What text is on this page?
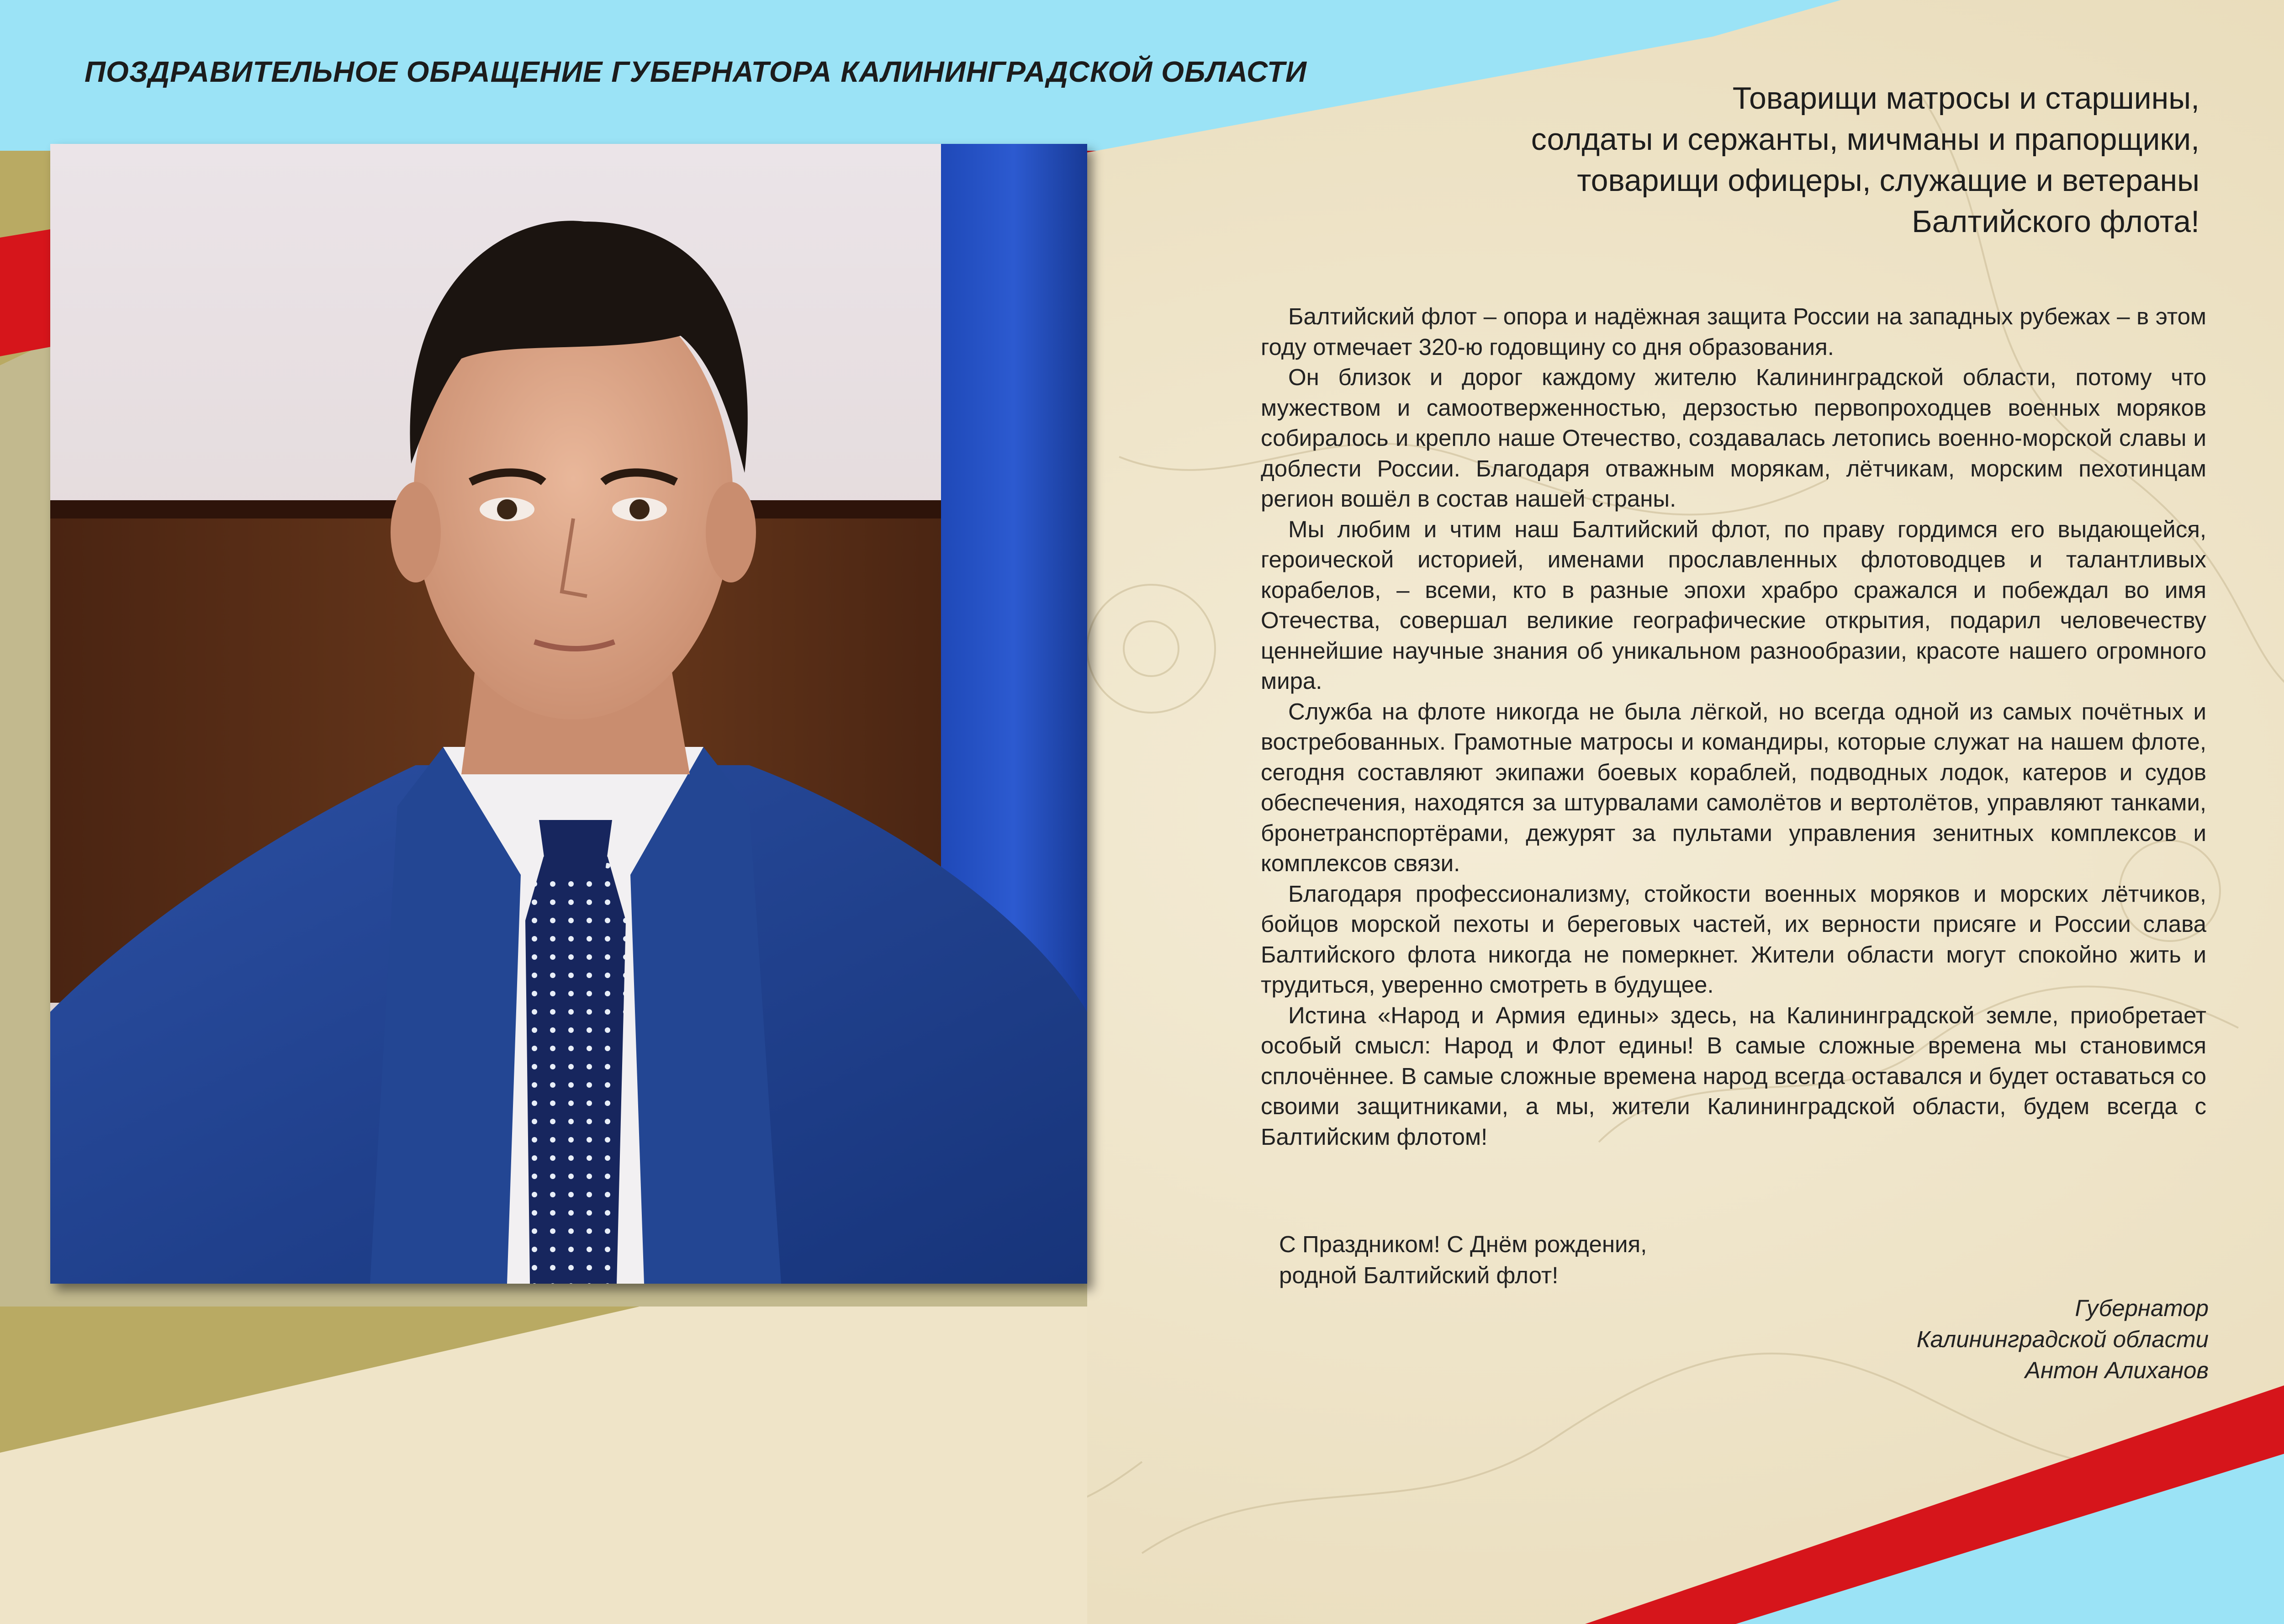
ПОЗДРАВИТЕЛЬНОЕ ОБРАЩЕНИЕ ГУБЕРНАТОРА КАЛИНИНГРАДСКОЙ ОБЛАСТИ
Товарищи матросы и старшины,
солдаты и сержанты, мичманы и прапорщики,
товарищи офицеры, служащие и ветераны
Балтийского флота!

Балтийский флот – опора и надёжная защита России на западных рубежах – в этом году отмечает 320-ю годовщину со дня образования.

Он близок и дорог каждому жителю Калининградской области, потому что мужеством и самоотверженностью, дерзостью первопроходцев военных моряков собиралось и крепло наше Отечество, создавалась летопись военно-морской славы и доблести России. Благодаря отважным морякам, лётчикам, морским пехотинцам регион вошёл в состав нашей страны.

Мы любим и чтим наш Балтийский флот, по праву гордимся его выдающейся, героической историей, именами прославленных флотоводцев и талантливых корабелов, – всеми, кто в разные эпохи храбро сражался и побеждал во имя Отечества, совершал великие географические открытия, подарил человечеству ценнейшие научные знания об уникальном разнообразии, красоте нашего огромного мира.

Служба на флоте никогда не была лёгкой, но всегда одной из самых почётных и востребованных. Грамотные матросы и командиры, которые служат на нашем флоте, сегодня составляют экипажи боевых кораблей, подводных лодок, катеров и судов обеспечения, находятся за штурвалами самолётов и вертолётов, управляют танками, бронетранспортёрами, дежурят за пультами управления зенитных комплексов и комплексов связи.

Благодаря профессионализму, стойкости военных моряков и морских лётчиков, бойцов морской пехоты и береговых частей, их верности присяге и России слава Балтийского флота никогда не померкнет. Жители области могут спокойно жить и трудиться, уверенно смотреть в будущее.

Истина «Народ и Армия едины» здесь, на Калининградской земле, приобретает особый смысл: Народ и Флот едины! В самые сложные времена мы становимся сплочённее. В самые сложные времена народ всегда оставался и будет оставаться со своими защитниками, а мы, жители Калининградской области, будем всегда с Балтийским флотом!

С Праздником! С Днём рождения,
родной Балтийский флот!
Губернатор
Калининградской области
Антон Алиханов
